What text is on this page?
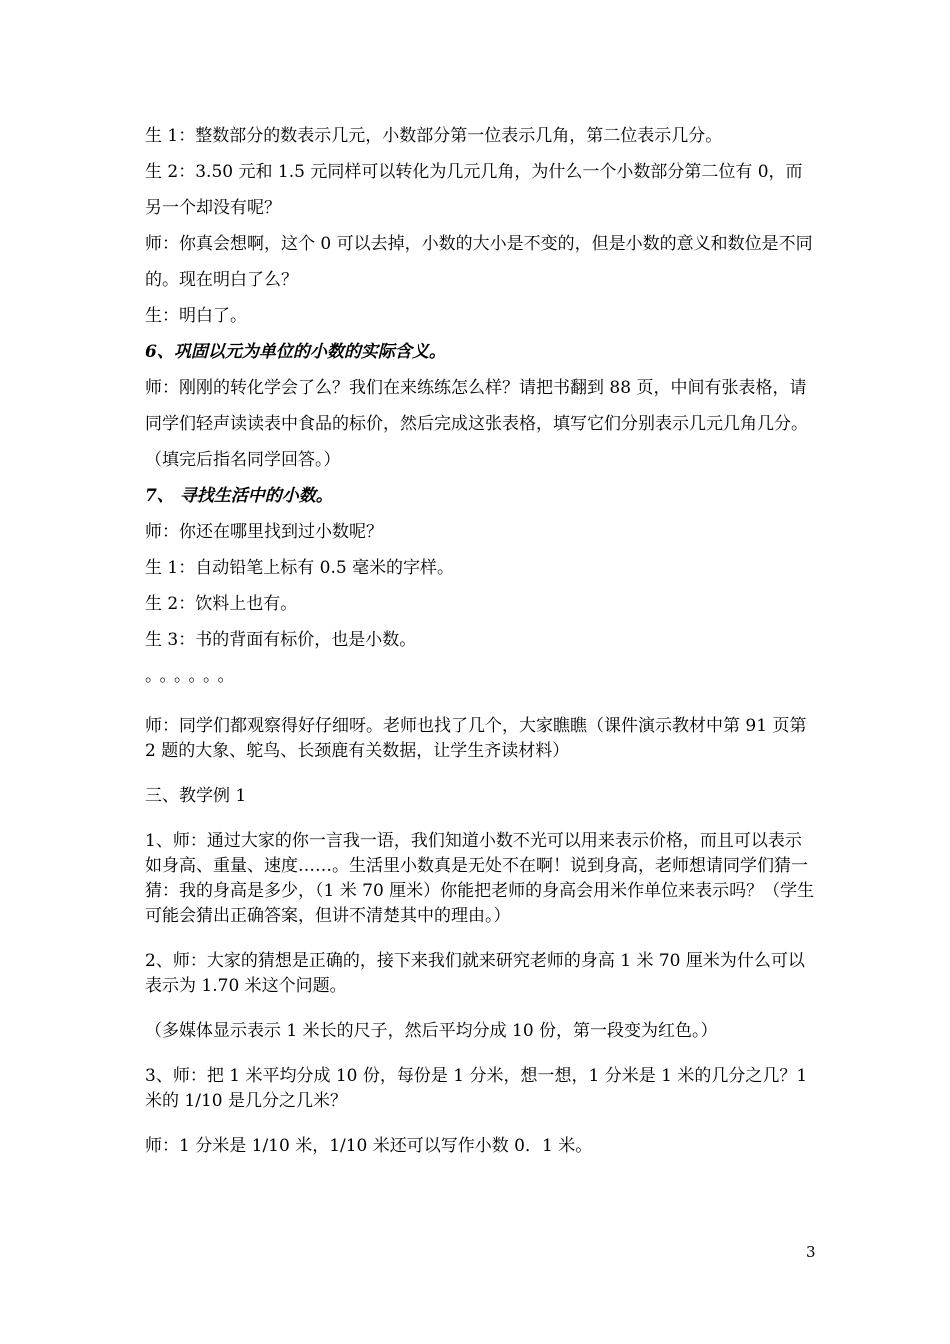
生 1：整数部分的数表示几元，小数部分第一位表示几角，第二位表示几分。

生 2：3.50 元和 1.5 元同样可以转化为几元几角，为什么一个小数部分第二位有 0，而另一个却没有呢？

师：你真会想啊，这个 0 可以去掉，小数的大小是不变的，但是小数的意义和数位是不同的。现在明白了么？

生：明白了。

6、巩固以元为单位的小数的实际含义。

师：刚刚的转化学会了么？我们在来练练怎么样？请把书翻到 88 页，中间有张表格，请同学们轻声读读表中食品的标价，然后完成这张表格，填写它们分别表示几元几角几分。（填完后指名同学回答。）

7、 寻找生活中的小数。

师：你还在哪里找到过小数呢？

生 1：自动铅笔上标有 0.5 毫米的字样。

生 2：饮料上也有。

生 3：书的背面有标价，也是小数。

。。。。。。

师：同学们都观察得好仔细呀。老师也找了几个，大家瞧瞧（课件演示教材中第 91 页第 2 题的大象、鸵鸟、长颈鹿有关数据，让学生齐读材料）

三、教学例 1

1、师：通过大家的你一言我一语，我们知道小数不光可以用来表示价格，而且可以表示如身高、重量、速度……。生活里小数真是无处不在啊！说到身高，老师想请同学们猜一猜：我的身高是多少，（1 米 70 厘米）你能把老师的身高会用米作单位来表示吗？（学生可能会猜出正确答案，但讲不清楚其中的理由。）

2、师：大家的猜想是正确的，接下来我们就来研究老师的身高 1 米 70 厘米为什么可以表示为 1.70 米这个问题。

（多媒体显示表示 1 米长的尺子，然后平均分成 10 份，第一段变为红色。）

3、师：把 1 米平均分成 10 份，每份是 1 分米，想一想，1 分米是 1 米的几分之几？1 米的 1/10 是几分之几米？

师：1 分米是 1/10 米，1/10 米还可以写作小数 0．1 米。

3
